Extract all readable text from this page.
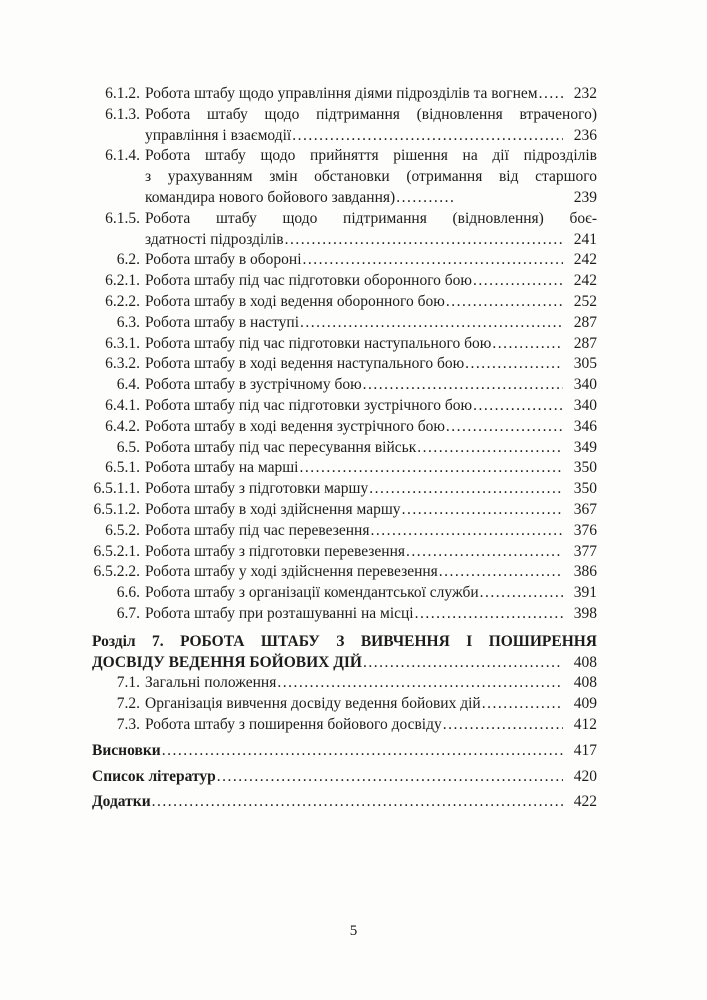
6.1.2. Робота штабу щодо управління діями підрозділів та вогнем .....	232
6.1.3. Робота штабу щодо підтримання (відновлення втраченого)
управління і взаємодії .....	236
6.1.4. Робота штабу щодо прийняття рішення на дії підрозділів
з урахуванням змін обстановки (отримання від старшого
командира нового бойового завдання) .....	239
6.1.5. Робота штабу щодо підтримання (відновлення) боє-
здатності підрозділів .....	241
6.2. Робота штабу в обороні .....	242
6.2.1. Робота штабу під час підготовки оборонного бою .....	242
6.2.2. Робота штабу в ході ведення оборонного бою .....	252
6.3. Робота штабу в наступі .....	287
6.3.1. Робота штабу під час підготовки наступального бою .....	287
6.3.2. Робота штабу в ході ведення наступального бою .....	305
6.4. Робота штабу в зустрічному бою .....	340
6.4.1. Робота штабу під час підготовки зустрічного бою .....	340
6.4.2. Робота штабу в ході ведення зустрічного бою .....	346
6.5. Робота штабу під час пересування військ .....	349
6.5.1. Робота штабу на марші .....	350
6.5.1.1. Робота штабу з підготовки маршу .....	350
6.5.1.2. Робота штабу в ході здійснення маршу .....	367
6.5.2. Робота штабу під час перевезення .....	376
6.5.2.1. Робота штабу з підготовки перевезення .....	377
6.5.2.2. Робота штабу у ході здійснення перевезення .....	386
6.6. Робота штабу з організації комендантської служби .....	391
6.7. Робота штабу при розташуванні на місці .....	398
Розділ 7. РОБОТА ШТАБУ З ВИВЧЕННЯ І ПОШИРЕННЯ
ДОСВІДУ ВЕДЕННЯ БОЙОВИХ ДІЙ .....	408
7.1. Загальні положення .....	408
7.2. Організація вивчення досвіду ведення бойових дій .....	409
7.3. Робота штабу з поширення бойового досвіду .....	412
Висновки .....	417
Список літератур .....	420
Додатки .....	422
5
